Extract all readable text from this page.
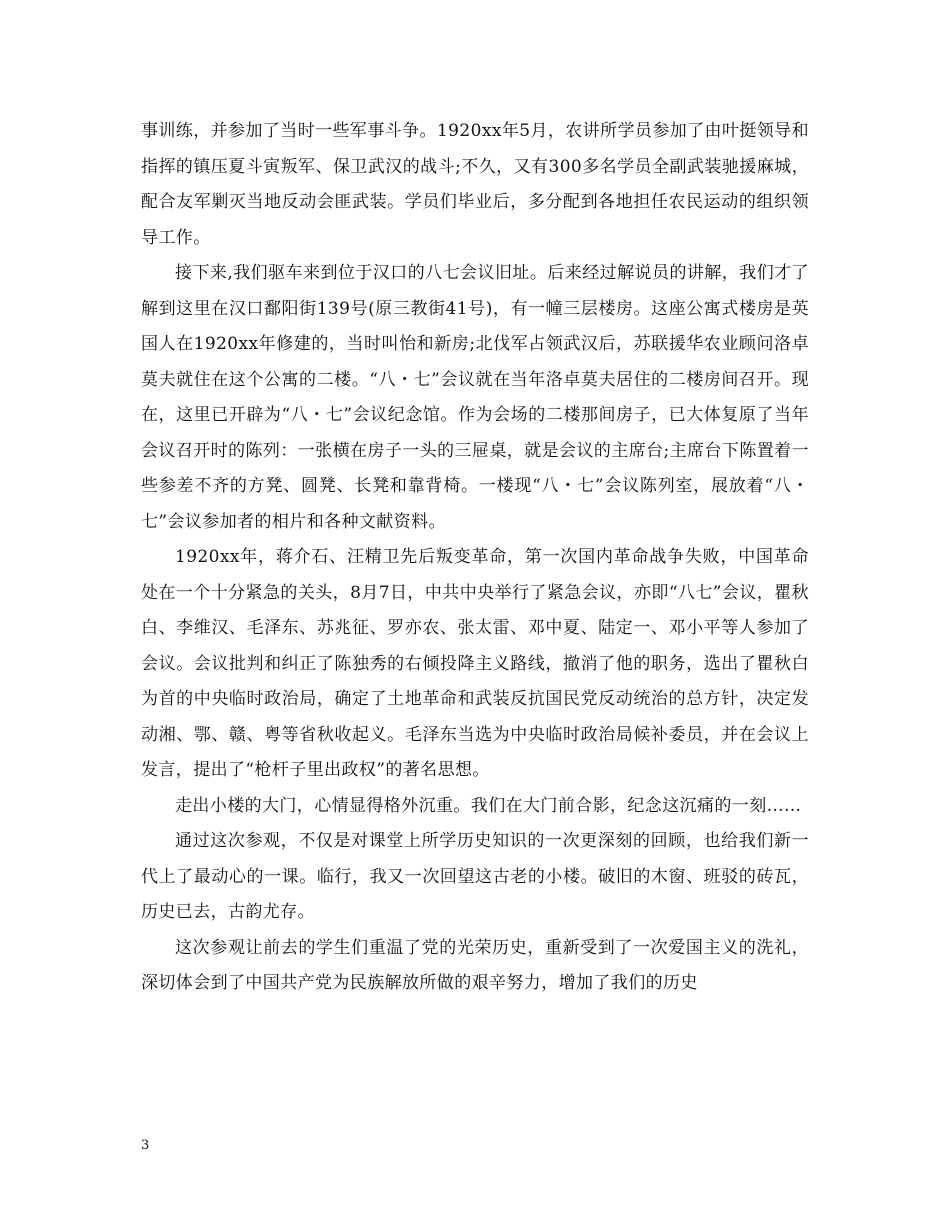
事训练，并参加了当时一些军事斗争。1920xx年5月，农讲所学员参加了由叶挺领导和指挥的镇压夏斗寅叛军、保卫武汉的战斗;不久，又有300多名学员全副武装驰援麻城，配合友军剿灭当地反动会匪武装。学员们毕业后，多分配到各地担任农民运动的组织领导工作。

接下来,我们驱车来到位于汉口的八七会议旧址。后来经过解说员的讲解，我们才了解到这里在汉口鄱阳街139号(原三教街41号)，有一幢三层楼房。这座公寓式楼房是英国人在1920xx年修建的，当时叫怡和新房;北伐军占领武汉后，苏联援华农业顾问洛卓莫夫就住在这个公寓的二楼。“八・七”会议就在当年洛卓莫夫居住的二楼房间召开。现在，这里已开辟为“八・七”会议纪念馆。作为会场的二楼那间房子，已大体复原了当年会议召开时的陈列：一张横在房子一头的三屉桌，就是会议的主席台;主席台下陈置着一些参差不齐的方凳、圆凳、长凳和靠背椅。一楼现“八・七”会议陈列室，展放着“八・七”会议参加者的相片和各种文献资料。

1920xx年，蒋介石、汪精卫先后叛变革命，第一次国内革命战争失败，中国革命处在一个十分紧急的关头，8月7日，中共中央举行了紧急会议，亦即“八七”会议，瞿秋白、李维汉、毛泽东、苏兆征、罗亦农、张太雷、邓中夏、陆定一、邓小平等人参加了会议。会议批判和纠正了陈独秀的右倾投降主义路线，撤消了他的职务，选出了瞿秋白为首的中央临时政治局，确定了土地革命和武装反抗国民党反动统治的总方针，决定发动湘、鄂、赣、粤等省秋收起义。毛泽东当选为中央临时政治局候补委员，并在会议上发言，提出了“枪杆子里出政权”的著名思想。

走出小楼的大门，心情显得格外沉重。我们在大门前合影，纪念这沉痛的一刻……

通过这次参观，不仅是对课堂上所学历史知识的一次更深刻的回顾，也给我们新一代上了最动心的一课。临行，我又一次回望这古老的小楼。破旧的木窗、班驳的砖瓦，历史已去，古韵尤存。

这次参观让前去的学生们重温了党的光荣历史，重新受到了一次爱国主义的洗礼，深切体会到了中国共产党为民族解放所做的艰辛努力，增加了我们的历史

3
